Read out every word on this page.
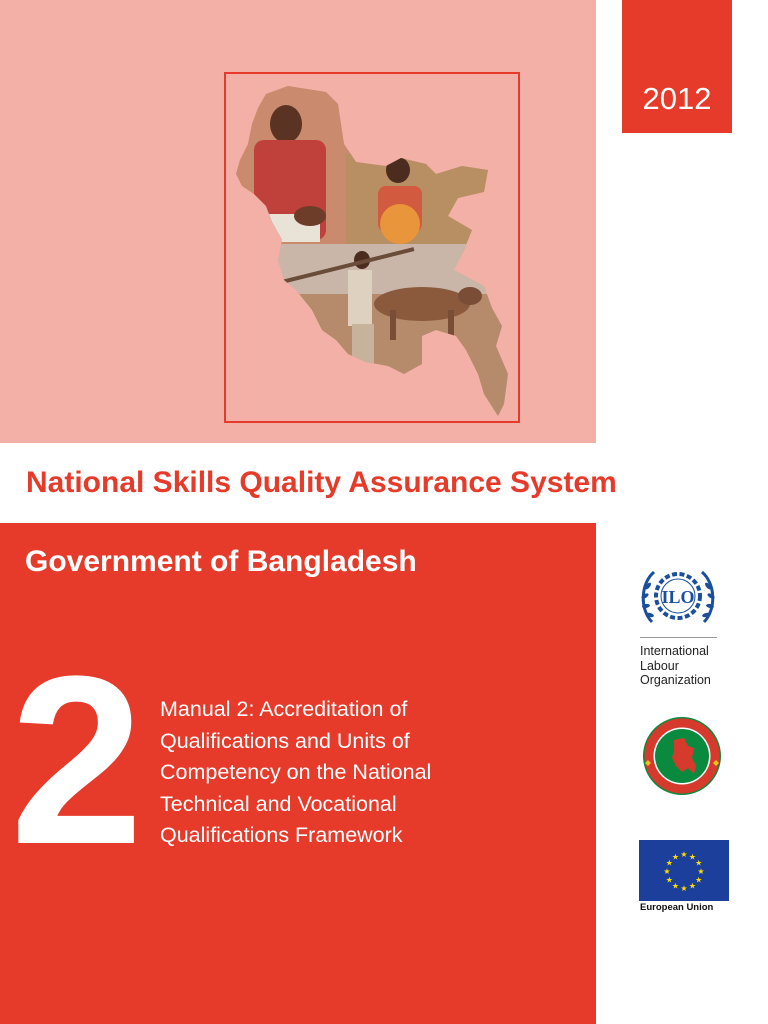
2012
National Skills Quality Assurance System
Government of Bangladesh
2 Manual 2: Accreditation of
Qualifications and Units of
Competency on the National
Technical and Vocational
Qualifications Framework
ILO
International
Labour
Organization
★ ★
★
★
★
★
★
★
★
★
★
★
European Union
